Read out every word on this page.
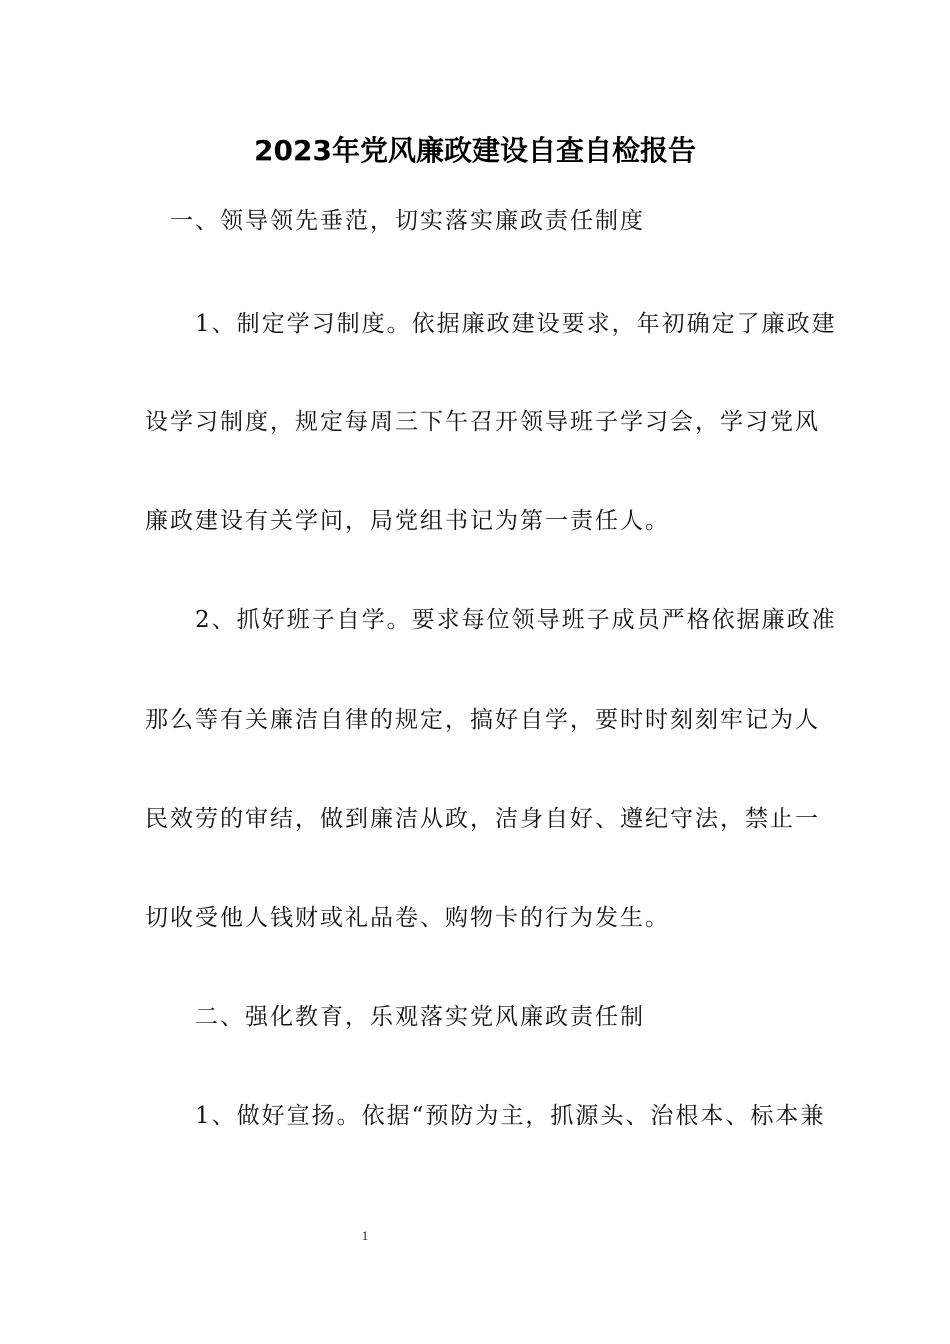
2023年党风廉政建设自查自检报告
　一、领导领先垂范，切实落实廉政责任制度
　　1、制定学习制度。依据廉政建设要求，年初确定了廉政建
设学习制度，规定每周三下午召开领导班子学习会，学习党风
廉政建设有关学问，局党组书记为第一责任人。
　　2、抓好班子自学。要求每位领导班子成员严格依据廉政准
那么等有关廉洁自律的规定，搞好自学，要时时刻刻牢记为人
民效劳的审结，做到廉洁从政，洁身自好、遵纪守法，禁止一
切收受他人钱财或礼品卷、购物卡的行为发生。
　　二、强化教育，乐观落实党风廉政责任制
　　1、做好宣扬。依据“预防为主，抓源头、治根本、标本兼
1
